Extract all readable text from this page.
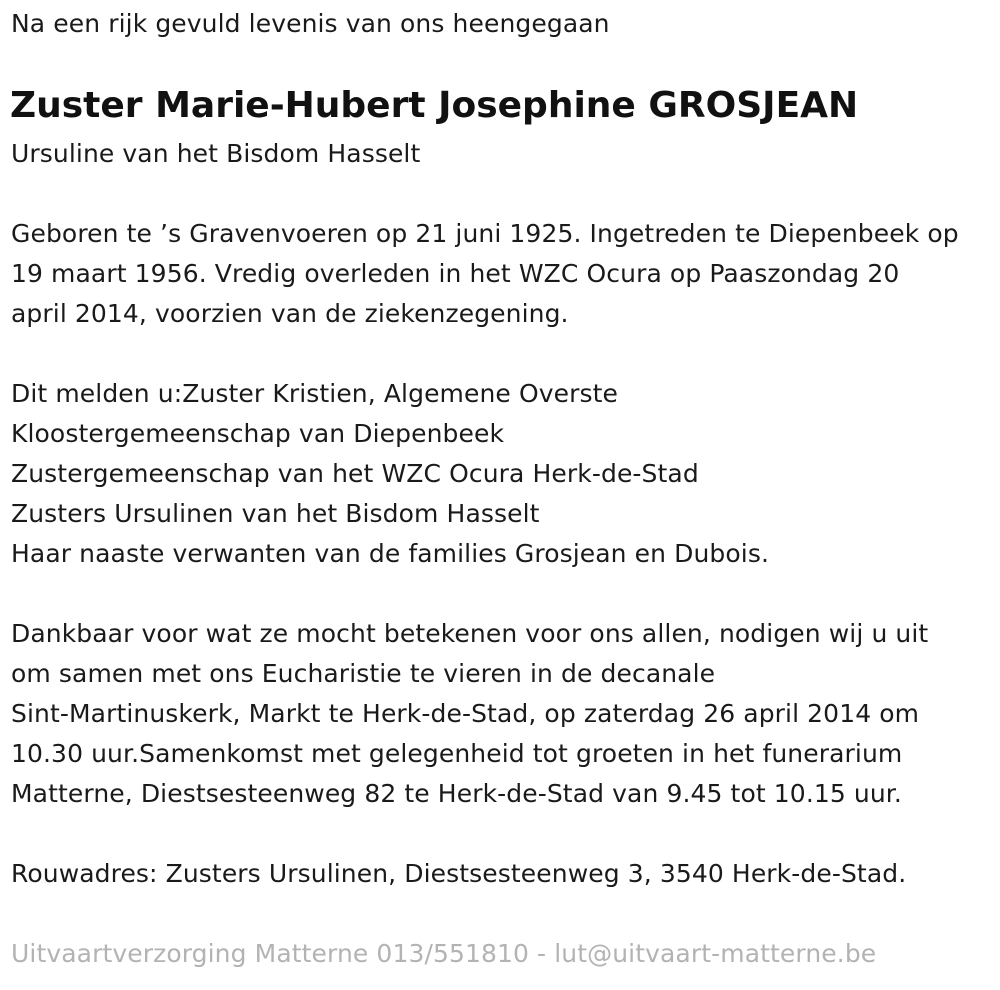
Na een rijk gevuld levenis van ons heengegaan
Zuster Marie-Hubert Josephine GROSJEAN
Ursuline van het Bisdom Hasselt
Geboren te ’s Gravenvoeren op 21 juni 1925. Ingetreden te Diepenbeek op
19 maart 1956. Vredig overleden in het WZC Ocura op Paaszondag 20
april 2014, voorzien van de ziekenzegening.
Dit melden u:Zuster Kristien, Algemene Overste
Kloostergemeenschap van Diepenbeek
Zustergemeenschap van het WZC Ocura Herk-de-Stad
Zusters Ursulinen van het Bisdom Hasselt
Haar naaste verwanten van de families Grosjean en Dubois.
Dankbaar voor wat ze mocht betekenen voor ons allen, nodigen wij u uit
om samen met ons Eucharistie te vieren in de decanale
Sint-Martinuskerk, Markt te Herk-de-Stad, op zaterdag 26 april 2014 om
10.30 uur.Samenkomst met gelegenheid tot groeten in het funerarium
Matterne, Diestsesteenweg 82 te Herk-de-Stad van 9.45 tot 10.15 uur.
Rouwadres: Zusters Ursulinen, Diestsesteenweg 3, 3540 Herk-de-Stad.
Uitvaartverzorging Matterne 013/551810 - lut@uitvaart-matterne.be
